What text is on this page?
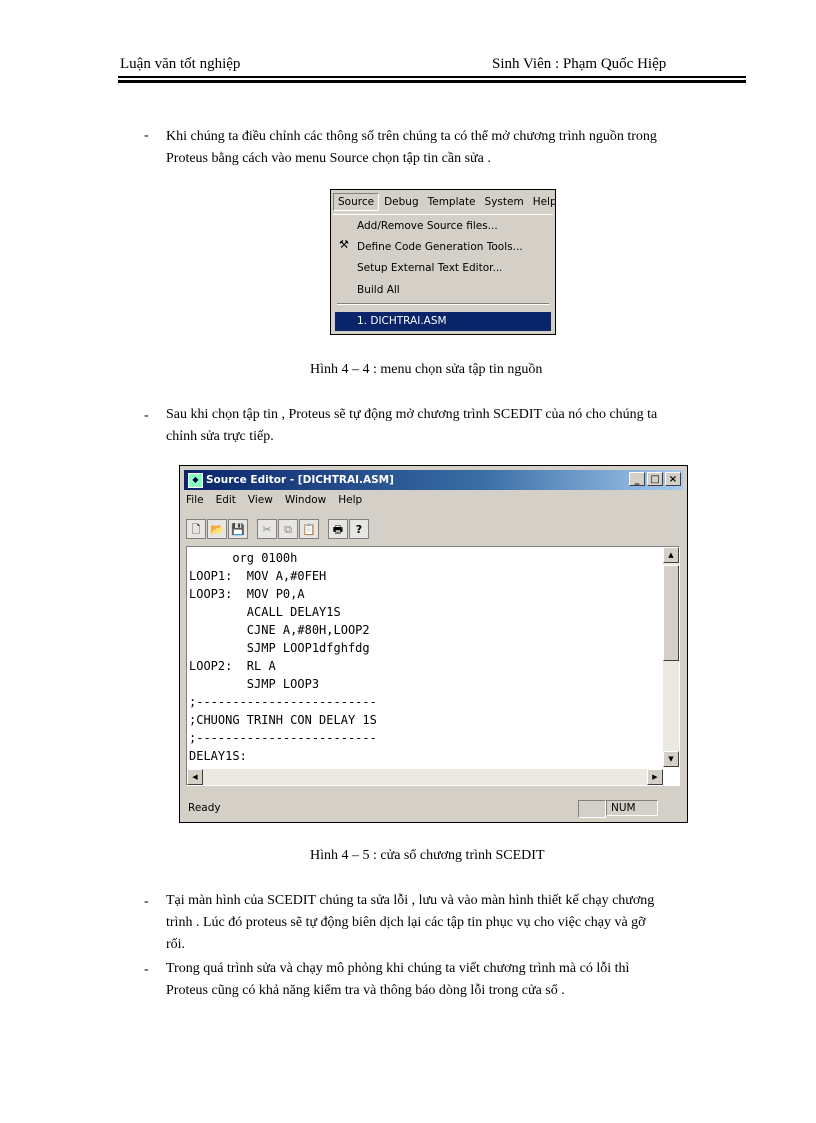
Luận văn tốt nghiệp	Sinh Viên : Phạm Quốc Hiệp
- Khi chúng ta điều chỉnh các thông số trên chúng ta có thể mở chương trình nguồn trong
Proteus bằng cách vào menu Source chọn tập tin cần sửa .
Source Debug Template System Help
Add/Remove Source files...
⚒ Define Code Generation Tools...
Setup External Text Editor...
Build All
1. DICHTRAI.ASM
Hình 4 – 4 : menu chọn sửa tập tin nguồn
- Sau khi chọn tập tin , Proteus sẽ tự động mở chương trình SCEDIT của nó cho chúng ta
chỉnh sửa trực tiếp.
◆ Source Editor - [DICHTRAI.ASM]	_	□ ×
File Edit View Window Help
🗋 📂 💾	✂	⧉ 📋	🖶	?
org 0100h
LOOP1:  MOV A,#0FEH
LOOP3:  MOV P0,A
ACALL DELAY1S
CJNE A,#80H,LOOP2
SJMP LOOP1dfghfdg
LOOP2:  RL A
SJMP LOOP3
;-------------------------
;CHUONG TRINH CON DELAY 1S
;-------------------------
DELAY1S:
▲
▼
◀	▶
Ready	NUM
Hình 4 – 5 : cửa sổ chương trình SCEDIT
- Tại màn hình của SCEDIT chúng ta sửa lỗi , lưu và vào màn hình thiết kế chạy chương
trình . Lúc đó proteus sẽ tự động biên dịch lại các tập tin phục vụ cho việc chạy và gỡ
rối.
- Trong quá trình sửa và chạy mô phỏng khi chúng ta viết chương trình mà có lỗi thì
Proteus cũng có khả năng kiểm tra và thông báo dòng lỗi trong cửa sổ .
